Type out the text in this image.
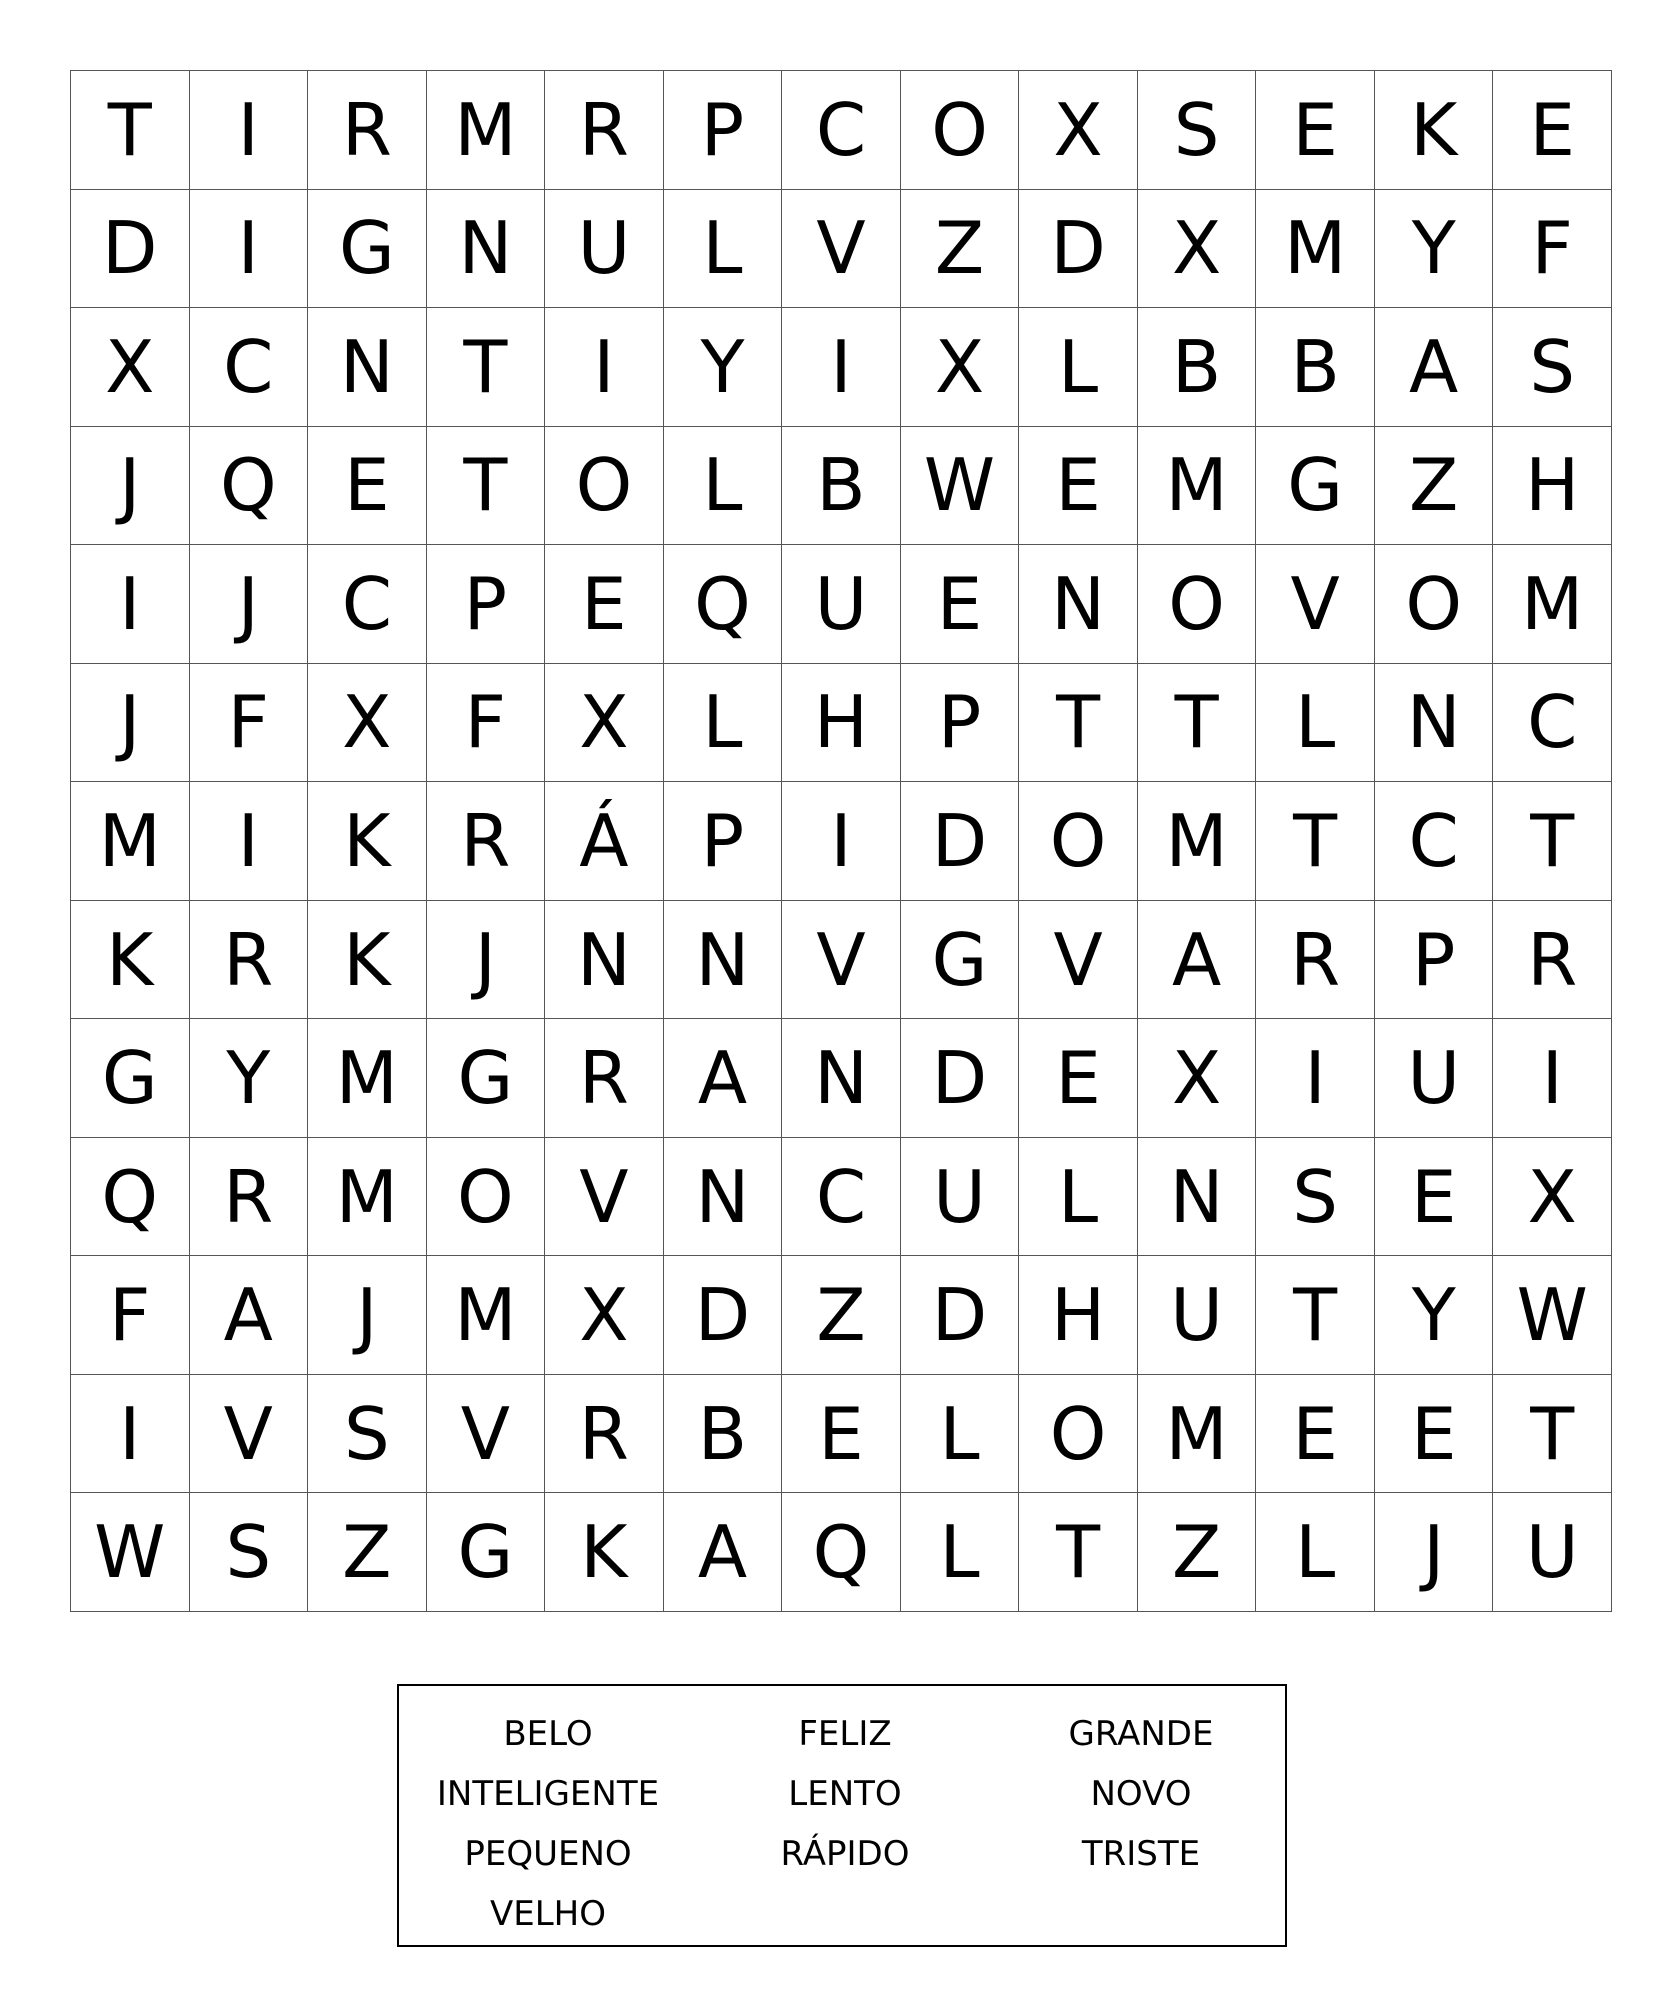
T	I	R M R P C O X S	E	K	E
D	I	G N U	L	V Z D X M Y	F
X C N T	I	Y	I	X	L	B B A S
J	Q E	T O L	B W E M G Z H
I	J	C P	E Q U E N O V O M
J	F	X	F	X	L H P	T	T	L N C
M	I	K R Á	P	I	D O M T C T
K R K	J	N N V G V A R P R
G Y M G R A N D E X	I	U	I
Q R M O V N C U	L N S	E X
F	A	J	M X D Z D H U T	Y W
I	V S V R B E	L O M E	E	T
W S Z G K A Q L	T Z	L	J	U
BELO	FELIZ	GRANDE
INTELIGENTE	LENTO	NOVO
PEQUENO	RÁPIDO	TRISTE
VELHO
